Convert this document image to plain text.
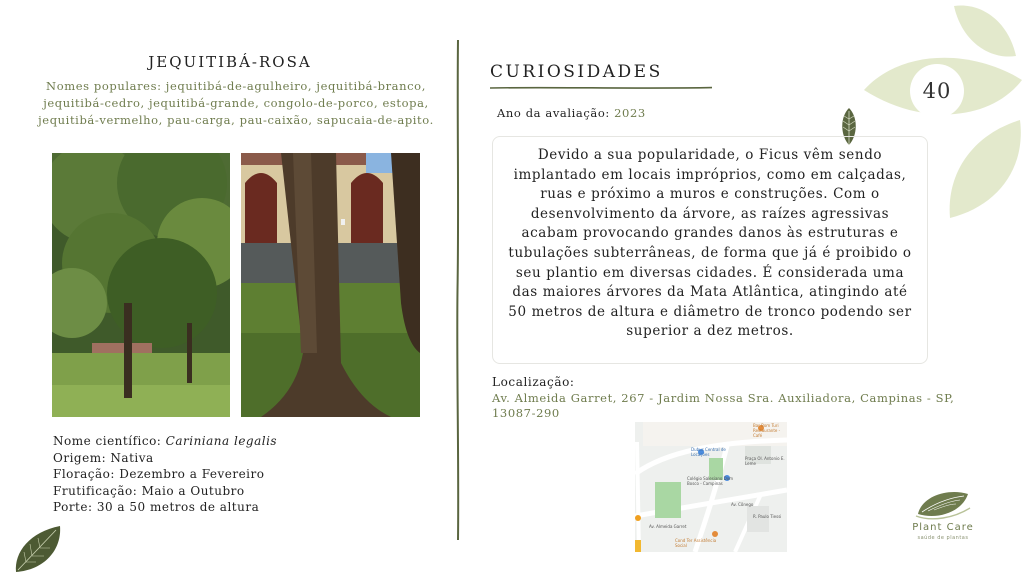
JEQUITIBÁ-ROSA
Nomes populares: jequitibá-de-agulheiro, jequitibá-branco, jequitibá-cedro, jequitibá-grande, congolo-de-porco, estopa, jequitibá-vermelho, pau-carga, pau-caixão, sapucaia-de-apito.
Nome científico: Cariniana legalis
Origem: Nativa
Floração: Dezembro a Fevereiro
Frutificação: Maio a Outubro
Porte: 30 a 50 metros de altura
CURIOSIDADES
Ano da avaliação: 2023

Devido a sua popularidade, o Ficus vêm sendo implantado em locais impróprios, como em calçadas, ruas e próximo a muros e construções. Com o desenvolvimento da árvore, as raízes agressivas acabam provocando grandes danos às estruturas e tubulações subterrâneas, de forma que já é proibido o seu plantio em diversas cidades. É considerada uma das maiores árvores da Mata Atlântica, atingindo até 50 metros de altura e diâmetro de tronco podendo ser superior a dez metros.

Localização:
Av. Almeida Garret, 267 - Jardim Nossa Sra. Auxiliadora, Campinas - SP, 13087-290
Bar Bom Turi Restaurante - Café
Dubus Central de Locações
Praça Ol. Antonio E. Leme
Colégio Salesiano Dom Bosco - Campinas
Av. Almeida Garret
R. Paulo Tiessi
Av. Cônego
Cond Ter Assistência Social
40
Plant Care
saúde de plantas
